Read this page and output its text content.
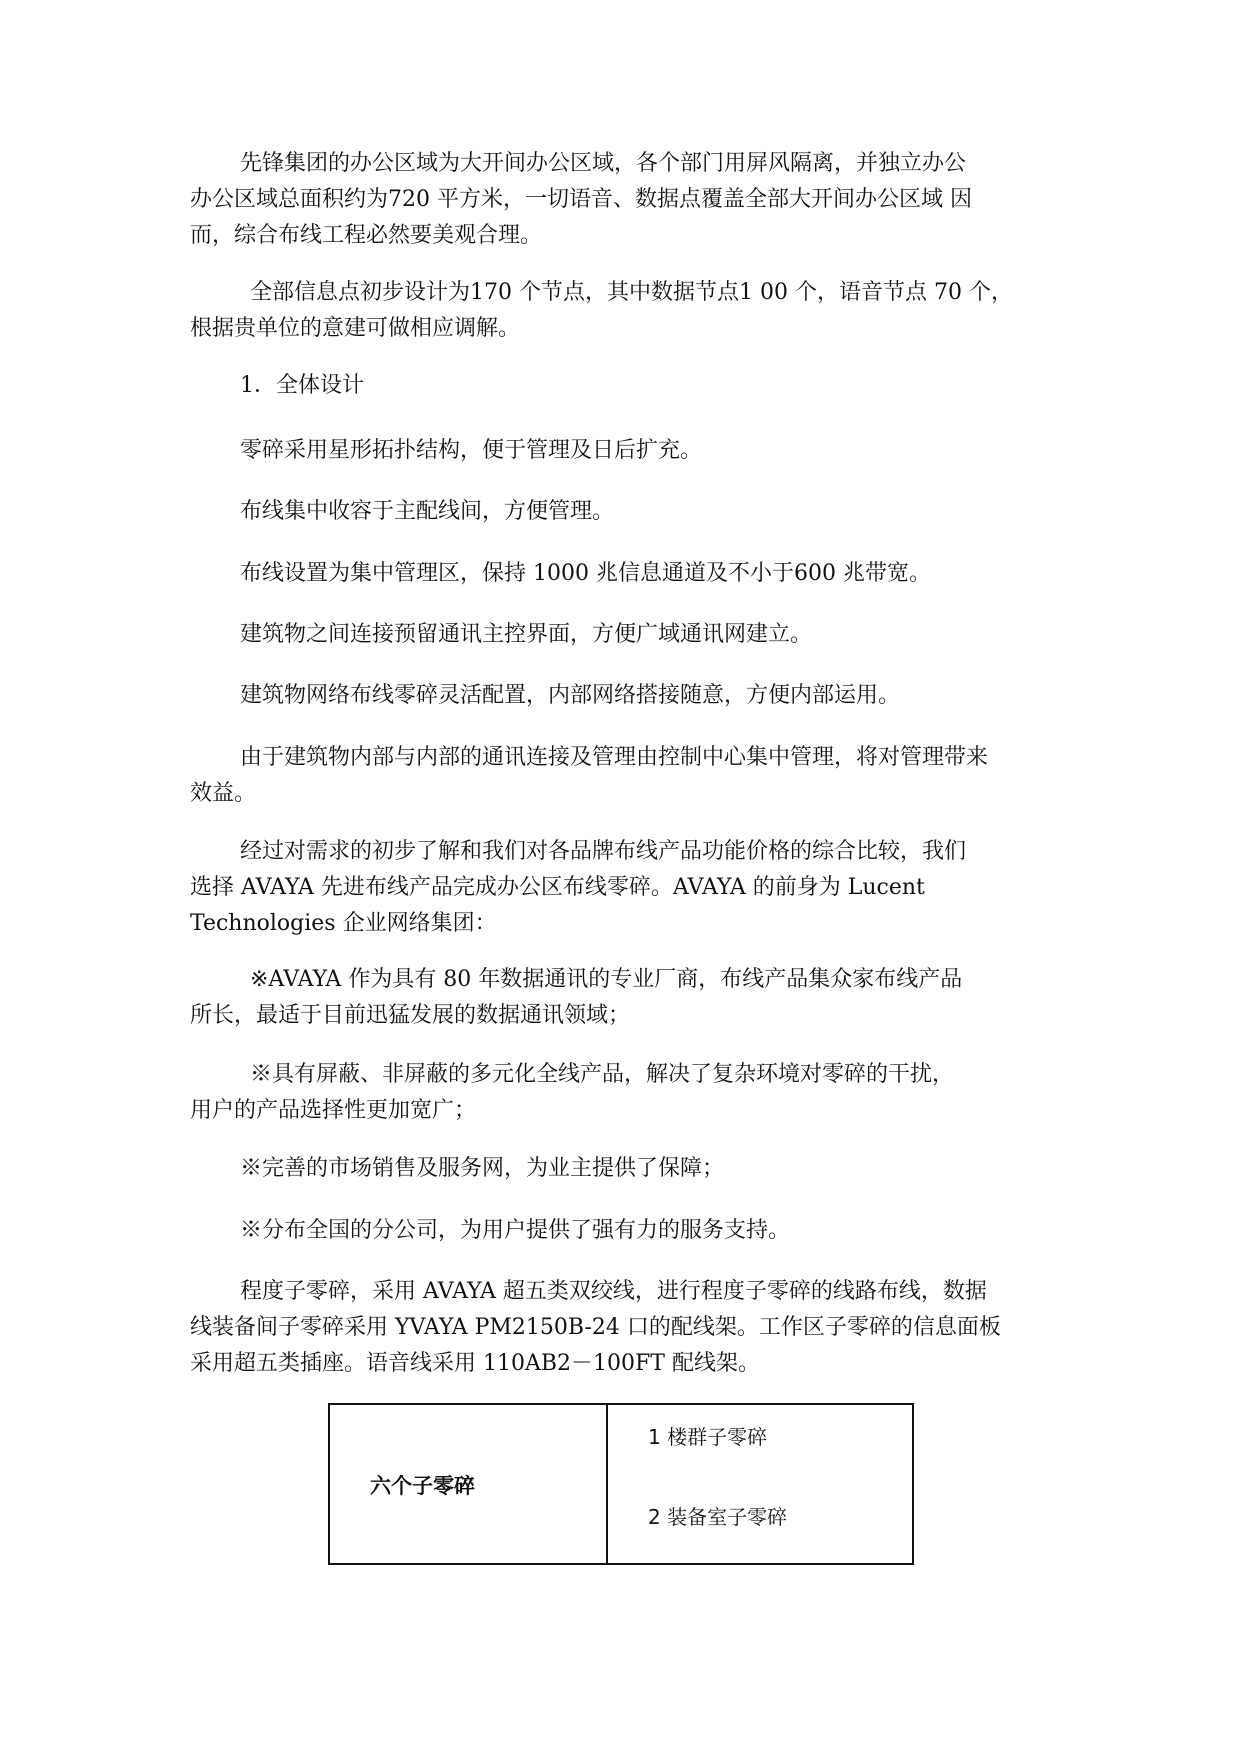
先锋集团的办公区域为大开间办公区域，各个部门用屏风隔离，并独立办公
办公区域总面积约为720 平方米，一切语音、数据点覆盖全部大开间办公区域 因
而，综合布线工程必然要美观合理。
全部信息点初步设计为170 个节点，其中数据节点1 00 个，语音节点 70 个，
根据贵单位的意建可做相应调解。
1．全体设计
零碎采用星形拓扑结构，便于管理及日后扩充。
布线集中收容于主配线间，方便管理。
布线设置为集中管理区，保持 1000 兆信息通道及不小于600 兆带宽。
建筑物之间连接预留通讯主控界面，方便广域通讯网建立。
建筑物网络布线零碎灵活配置，内部网络搭接随意，方便内部运用。
由于建筑物内部与内部的通讯连接及管理由控制中心集中管理，将对管理带来
效益。
经过对需求的初步了解和我们对各品牌布线产品功能价格的综合比较，我们
选择 AVAYA 先进布线产品完成办公区布线零碎。AVAYA 的前身为 Lucent
Technologies 企业网络集团：
※AVAYA 作为具有 80 年数据通讯的专业厂商，布线产品集众家布线产品
所长，最适于目前迅猛发展的数据通讯领域；
※具有屏蔽、非屏蔽的多元化全线产品，解决了复杂环境对零碎的干扰，
用户的产品选择性更加宽广；
※完善的市场销售及服务网，为业主提供了保障；
※分布全国的分公司，为用户提供了强有力的服务支持。
程度子零碎，采用 AVAYA 超五类双绞线，进行程度子零碎的线路布线，数据
线装备间子零碎采用 YVAYA PM2150B-24 口的配线架。工作区子零碎的信息面板
采用超五类插座。语音线采用 110AB2－100FT 配线架。
六个子零碎
1 楼群子零碎
2 装备室子零碎
